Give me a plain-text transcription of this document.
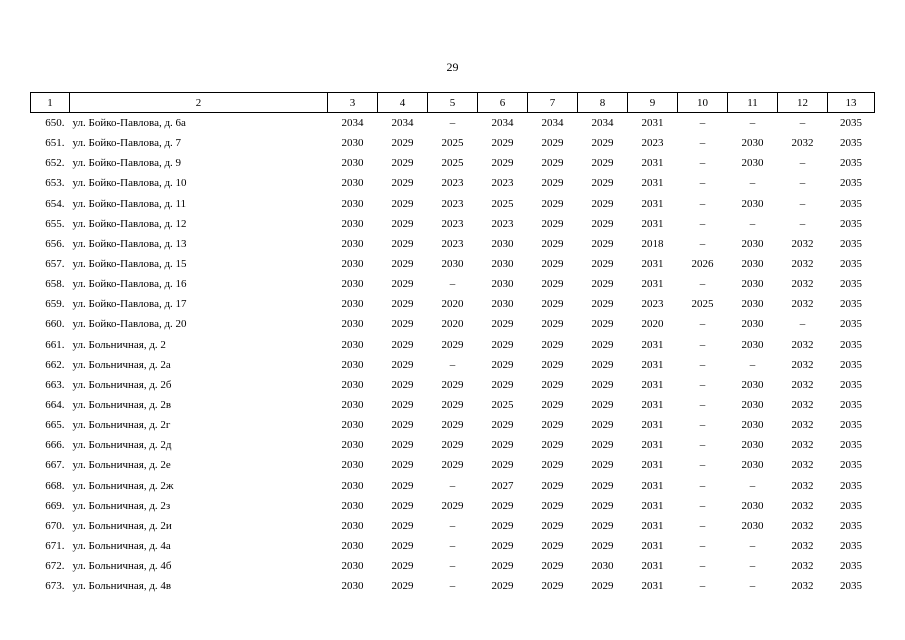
29
1	2	3	4	5	6	7	8	9	10	11	12	13
650.	ул. Бойко-Павлова, д. 6а	2034	2034	–	2034	2034	2034	2031	–	–	–	2035
651.	ул. Бойко-Павлова, д. 7	2030	2029	2025	2029	2029	2029	2023	–	2030	2032	2035
652.	ул. Бойко-Павлова, д. 9	2030	2029	2025	2029	2029	2029	2031	–	2030	–	2035
653.	ул. Бойко-Павлова, д. 10	2030	2029	2023	2023	2029	2029	2031	–	–	–	2035
654.	ул. Бойко-Павлова, д. 11	2030	2029	2023	2025	2029	2029	2031	–	2030	–	2035
655.	ул. Бойко-Павлова, д. 12	2030	2029	2023	2023	2029	2029	2031	–	–	–	2035
656.	ул. Бойко-Павлова, д. 13	2030	2029	2023	2030	2029	2029	2018	–	2030	2032	2035
657.	ул. Бойко-Павлова, д. 15	2030	2029	2030	2030	2029	2029	2031	2026	2030	2032	2035
658.	ул. Бойко-Павлова, д. 16	2030	2029	–	2030	2029	2029	2031	–	2030	2032	2035
659.	ул. Бойко-Павлова, д. 17	2030	2029	2020	2030	2029	2029	2023	2025	2030	2032	2035
660.	ул. Бойко-Павлова, д. 20	2030	2029	2020	2029	2029	2029	2020	–	2030	–	2035
661.	ул. Больничная, д. 2	2030	2029	2029	2029	2029	2029	2031	–	2030	2032	2035
662.	ул. Больничная, д. 2а	2030	2029	–	2029	2029	2029	2031	–	–	2032	2035
663.	ул. Больничная, д. 2б	2030	2029	2029	2029	2029	2029	2031	–	2030	2032	2035
664.	ул. Больничная, д. 2в	2030	2029	2029	2025	2029	2029	2031	–	2030	2032	2035
665.	ул. Больничная, д. 2г	2030	2029	2029	2029	2029	2029	2031	–	2030	2032	2035
666.	ул. Больничная, д. 2д	2030	2029	2029	2029	2029	2029	2031	–	2030	2032	2035
667.	ул. Больничная, д. 2е	2030	2029	2029	2029	2029	2029	2031	–	2030	2032	2035
668.	ул. Больничная, д. 2ж	2030	2029	–	2027	2029	2029	2031	–	–	2032	2035
669.	ул. Больничная, д. 2з	2030	2029	2029	2029	2029	2029	2031	–	2030	2032	2035
670.	ул. Больничная, д. 2и	2030	2029	–	2029	2029	2029	2031	–	2030	2032	2035
671.	ул. Больничная, д. 4а	2030	2029	–	2029	2029	2029	2031	–	–	2032	2035
672.	ул. Больничная, д. 4б	2030	2029	–	2029	2029	2030	2031	–	–	2032	2035
673.	ул. Больничная, д. 4в	2030	2029	–	2029	2029	2029	2031	–	–	2032	2035
